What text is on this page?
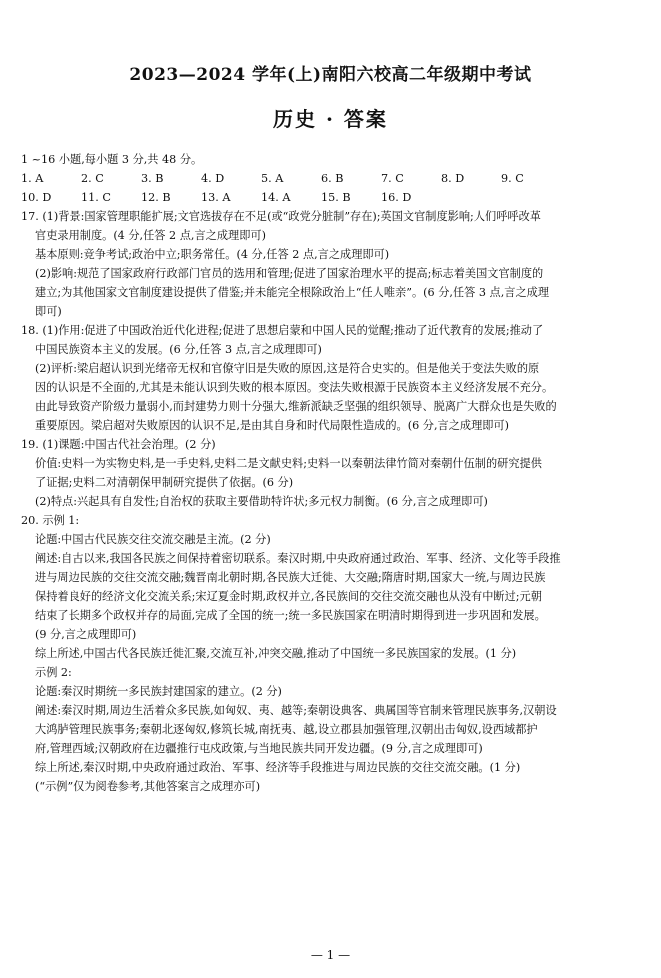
2023—2024 学年(上)南阳六校高二年级期中考试
历史 · 答案
1 ~16 小题,每小题 3 分,共 48 分。
1. A	2. C	3. B	4. D	5. A	6. B	7. C	8. D	9. C
10. D	11. C	12. B	13. A	14. A	15. B	16. D
17. (1)背景:国家管理职能扩展;文官选拔存在不足(或“政党分脏制”存在);英国文官制度影响;人们呼呼改革
官吏录用制度。(4 分,任答 2 点,言之成理即可)
基本原则:竞争考试;政治中立;职务常任。(4 分,任答 2 点,言之成理即可)
(2)影响:规范了国家政府行政部门官员的选用和管理;促进了国家治理水平的提高;标志着美国文官制度的
建立;为其他国家文官制度建设提供了借鉴;并未能完全根除政治上“任人唯亲”。(6 分,任答 3 点,言之成理
即可)
18. (1)作用:促进了中国政治近代化进程;促进了思想启蒙和中国人民的觉醒;推动了近代教育的发展;推动了
中国民族资本主义的发展。(6 分,任答 3 点,言之成理即可)
(2)评析:梁启超认识到光绪帝无权和官僚守旧是失败的原因,这是符合史实的。但是他关于变法失败的原
因的认识是不全面的,尤其是未能认识到失败的根本原因。变法失败根源于民族资本主义经济发展不充分。
由此导致资产阶级力量弱小,而封建势力则十分强大,维新派缺乏坚强的组织领导、脱离广大群众也是失败的
重要原因。梁启超对失败原因的认识不足,是由其自身和时代局限性造成的。(6 分,言之成理即可)
19. (1)课题:中国古代社会治理。(2 分)
价值:史料一为实物史料,是一手史料,史料二是文献史料;史料一以秦朝法律竹简对秦朝什伍制的研究提供
了证据;史料二对清朝保甲制研究提供了依据。(6 分)
(2)特点:兴起具有自发性;自治权的获取主要借助特许状;多元权力制衡。(6 分,言之成理即可)
20. 示例 1:
论题:中国古代民族交往交流交融是主流。(2 分)
阐述:自古以来,我国各民族之间保持着密切联系。秦汉时期,中央政府通过政治、军事、经济、文化等手段推
进与周边民族的交往交流交融;魏晋南北朝时期,各民族大迁徙、大交融;隋唐时期,国家大一统,与周边民族
保持着良好的经济文化交流关系;宋辽夏金时期,政权并立,各民族间的交往交流交融也从没有中断过;元朝
结束了长期多个政权并存的局面,完成了全国的统一;统一多民族国家在明清时期得到进一步巩固和发展。
(9 分,言之成理即可)
综上所述,中国古代各民族迁徙汇聚,交流互补,冲突交融,推动了中国统一多民族国家的发展。(1 分)
示例 2:
论题:秦汉时期统一多民族封建国家的建立。(2 分)
阐述:秦汉时期,周边生活着众多民族,如匈奴、夷、越等;秦朝设典客、典属国等官制来管理民族事务,汉朝设
大鸿胪管理民族事务;秦朝北逐匈奴,修筑长城,南抚夷、越,设立郡县加强管理,汉朝出击匈奴,设西域都护
府,管理西域;汉朝政府在边疆推行屯戍政策,与当地民族共同开发边疆。(9 分,言之成理即可)
综上所述,秦汉时期,中央政府通过政治、军事、经济等手段推进与周边民族的交往交流交融。(1 分)
(“示例”仅为阅卷参考,其他答案言之成理亦可)
— 1 —
